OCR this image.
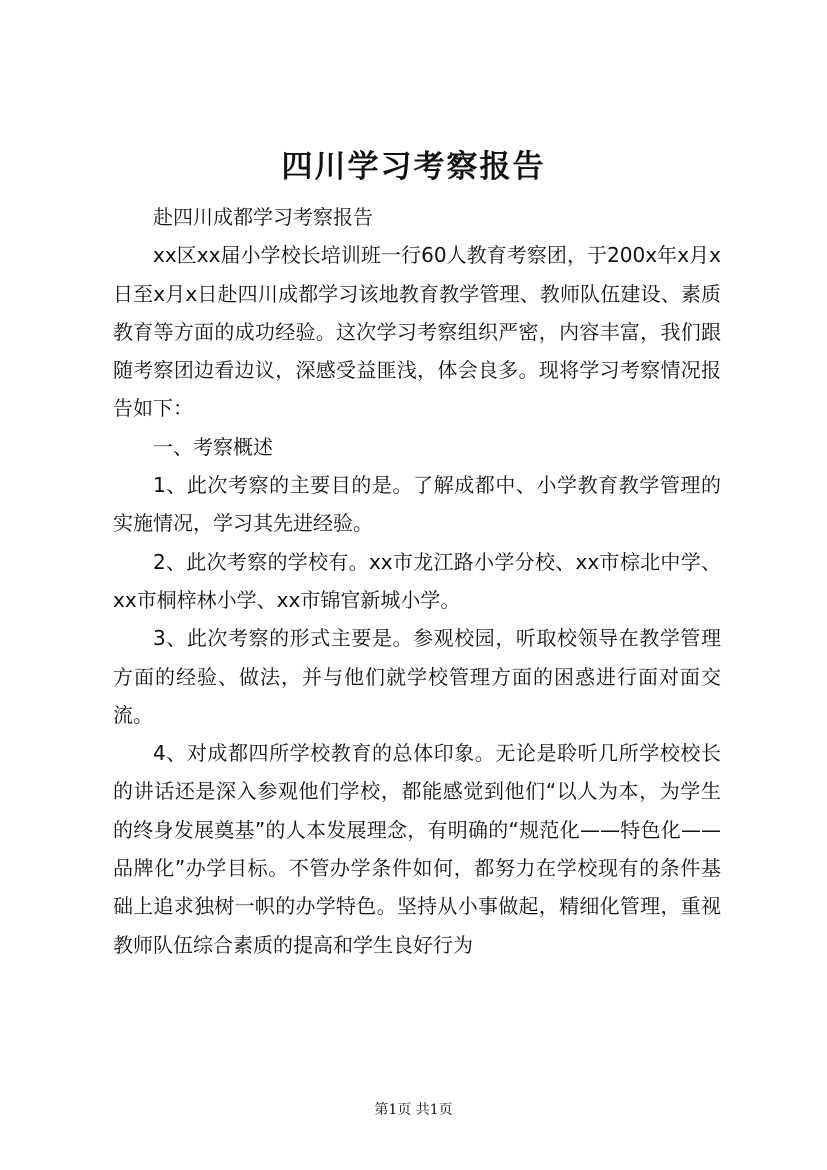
四川学习考察报告

赴四川成都学习考察报告

xx区xx届小学校长培训班一行60人教育考察团，于200x年x月x日至x月x日赴四川成都学习该地教育教学管理、教师队伍建设、素质教育等方面的成功经验。这次学习考察组织严密，内容丰富，我们跟随考察团边看边议，深感受益匪浅，体会良多。现将学习考察情况报告如下：

一、考察概述

1、此次考察的主要目的是。了解成都中、小学教育教学管理的实施情况，学习其先进经验。

2、此次考察的学校有。xx市龙江路小学分校、xx市棕北中学、xx市桐梓林小学、xx市锦官新城小学。

3、此次考察的形式主要是。参观校园，听取校领导在教学管理方面的经验、做法，并与他们就学校管理方面的困惑进行面对面交流。

4、对成都四所学校教育的总体印象。无论是聆听几所学校校长的讲话还是深入参观他们学校，都能感觉到他们“以人为本，为学生的终身发展奠基”的人本发展理念，有明确的“规范化——特色化——品牌化”办学目标。不管办学条件如何，都努力在学校现有的条件基础上追求独树一帜的办学特色。坚持从小事做起，精细化管理，重视教师队伍综合素质的提高和学生良好行为

第1页 共1页
